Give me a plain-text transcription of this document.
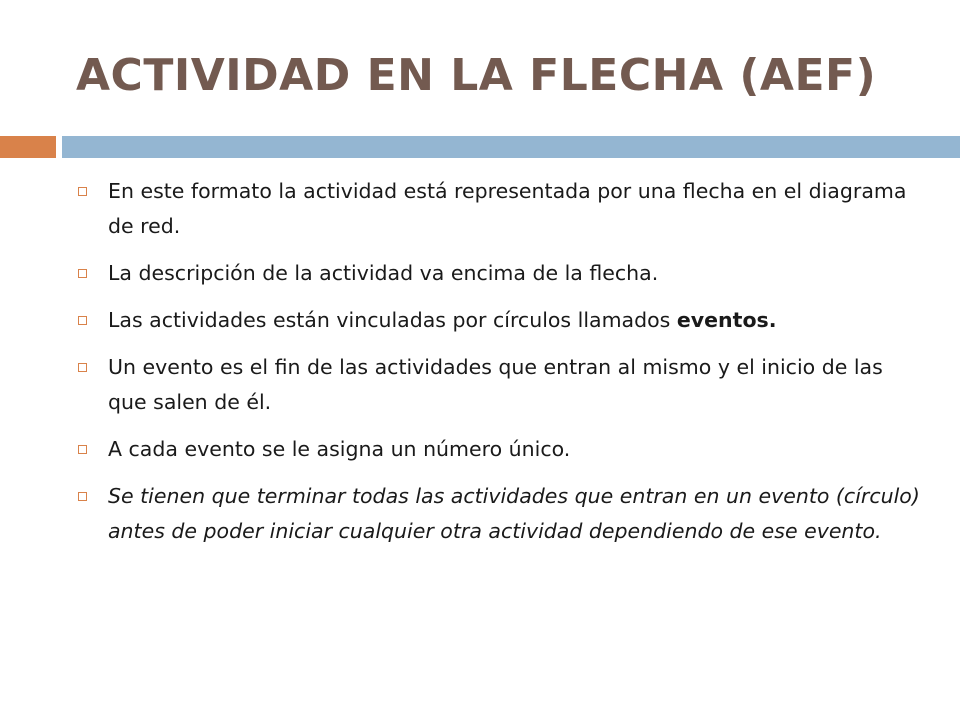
ACTIVIDAD EN LA FLECHA (AEF)
En este formato la actividad está representada por una flecha en el diagrama de red.
La descripción de la actividad va encima de la flecha.
Las actividades están vinculadas por círculos llamados eventos.
Un evento es el fin de las actividades que entran al mismo y el inicio de las que salen de él.
A cada evento se le asigna un número único.
Se tienen que terminar todas las actividades que entran en un evento (círculo) antes de poder iniciar cualquier otra actividad dependiendo de ese evento.
